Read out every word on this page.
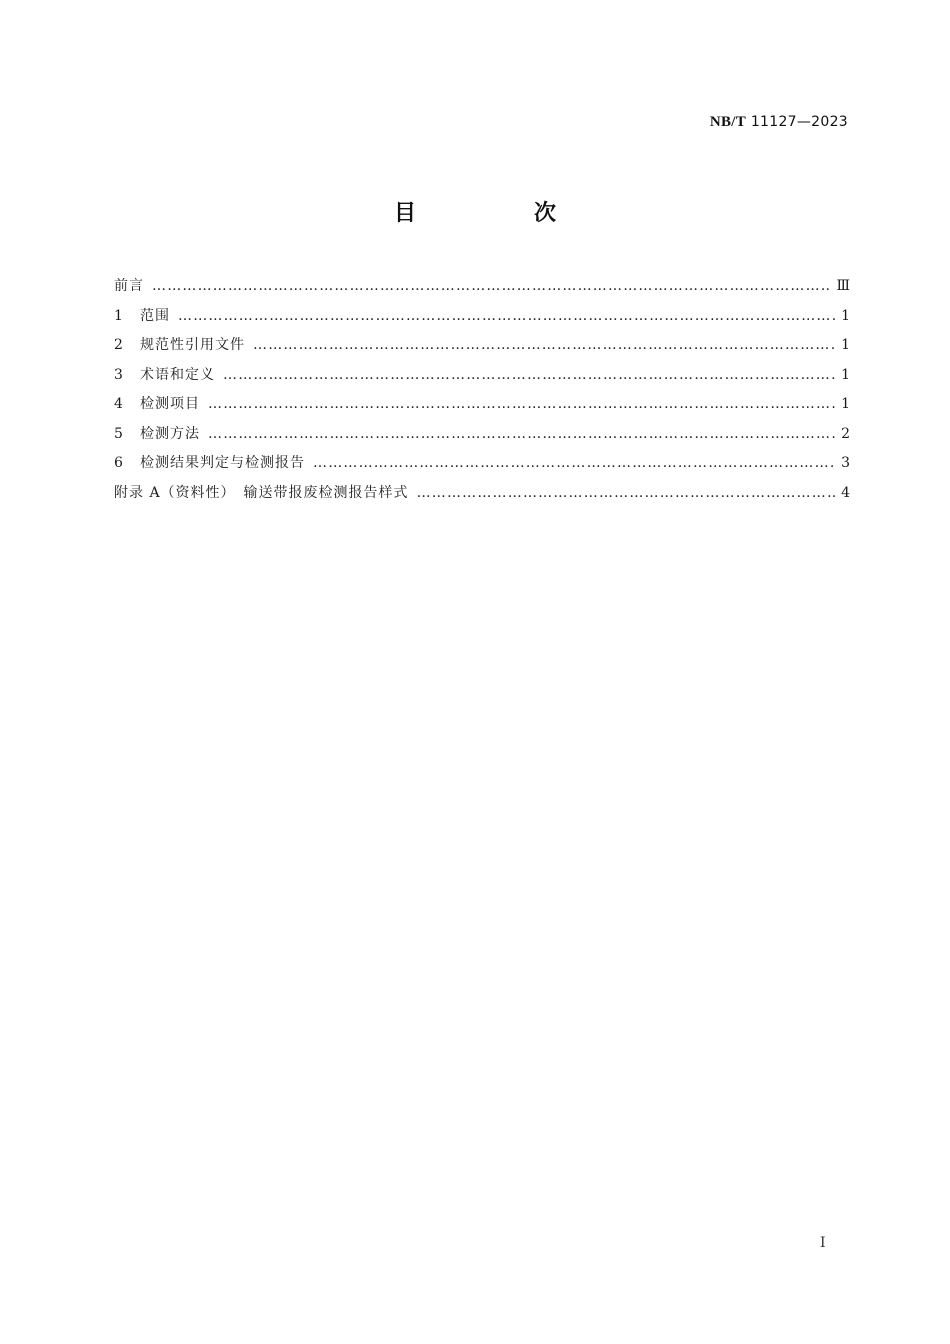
NB/T 11127—2023
目　次
前言 …………………………………………………………………………………………………………………………………………………………………………………………………………	Ⅲ
1	范围 …………………………………………………………………………………………………………………………………………………………………………………………………………	1
2	规范性引用文件 …………………………………………………………………………………………………………………………………………………………………………………………………………	1
3	术语和定义 …………………………………………………………………………………………………………………………………………………………………………………………………………	1
4	检测项目 …………………………………………………………………………………………………………………………………………………………………………………………………………	1
5	检测方法 …………………………………………………………………………………………………………………………………………………………………………………………………………	2
6	检测结果判定与检测报告 …………………………………………………………………………………………………………………………………………………………………………………………………………	3
附录 A（资料性）　输送带报废检测报告样式 …………………………………………………………………………………………………………………………………………………………………………………………………………	4
I
